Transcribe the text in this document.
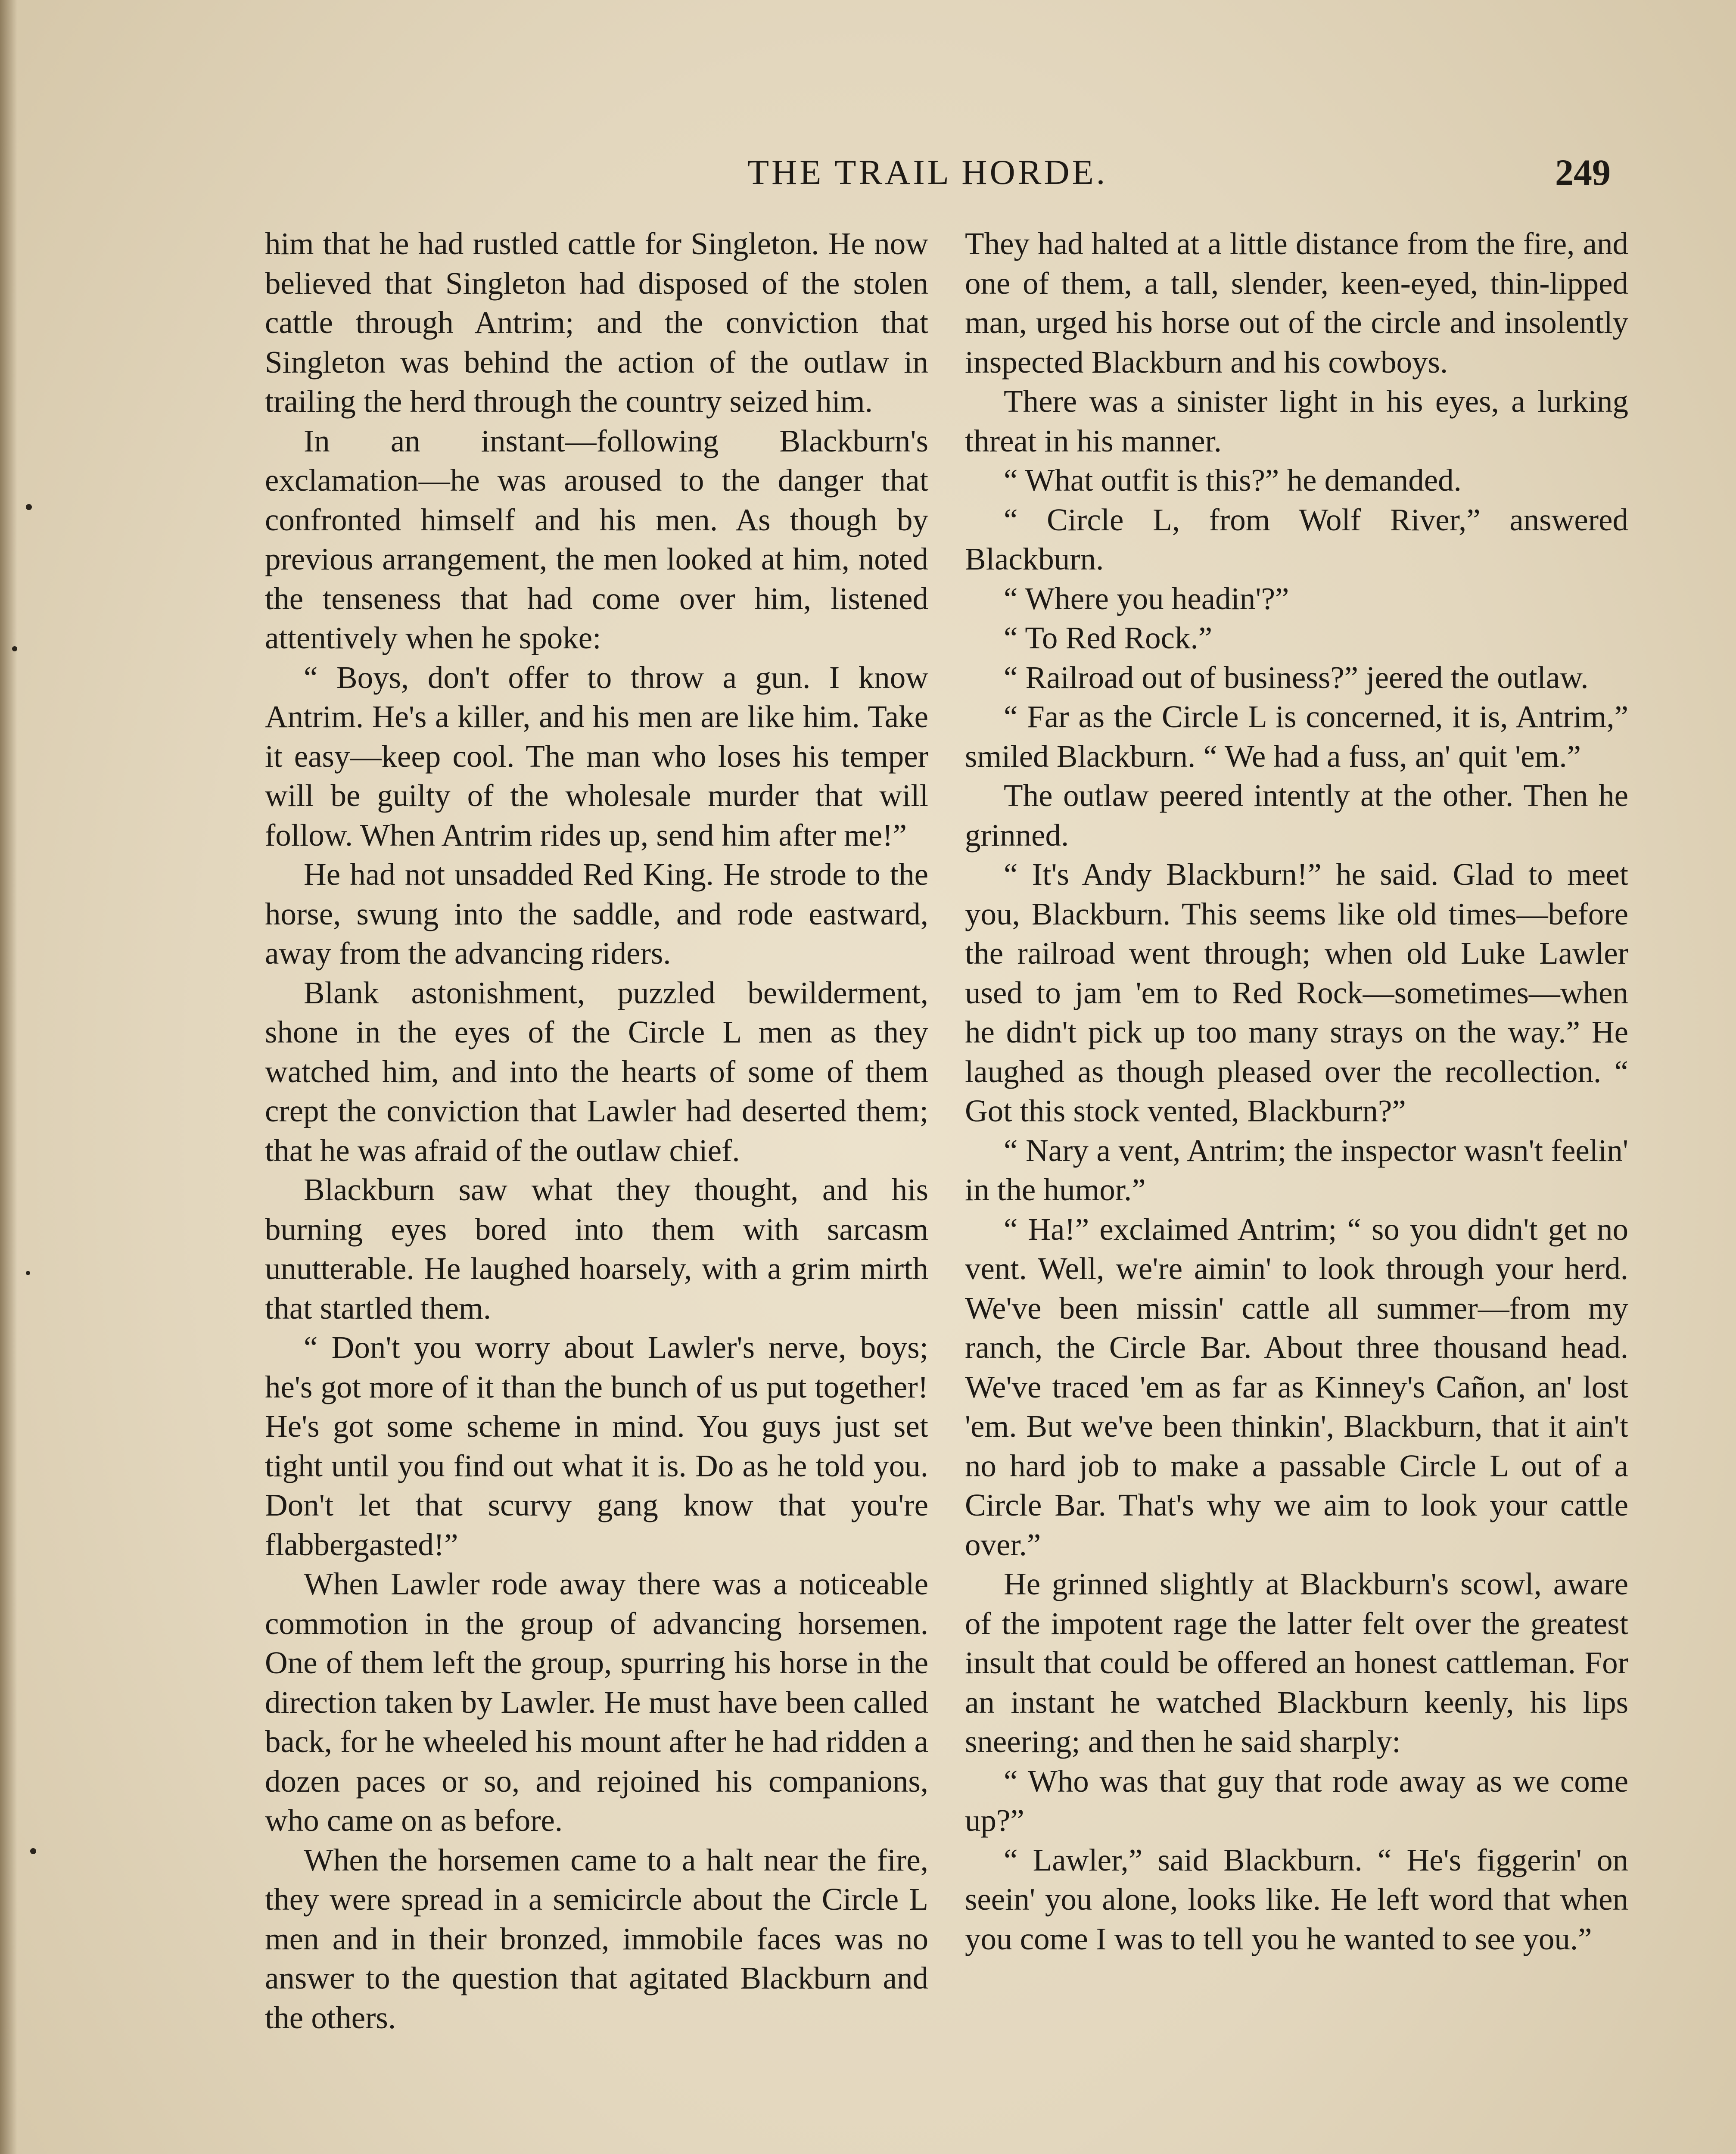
THE TRAIL HORDE.	249

him that he had rustled cattle for Singleton. He now believed that Singleton had disposed of the stolen cattle through Antrim; and the conviction that Singleton was behind the action of the outlaw in trailing the herd through the country seized him.

In an instant—following Blackburn's exclamation—he was aroused to the danger that confronted himself and his men. As though by previous arrangement, the men looked at him, noted the tenseness that had come over him, listened attentively when he spoke:

“ Boys, don't offer to throw a gun. I know Antrim. He's a killer, and his men are like him. Take it easy—keep cool. The man who loses his temper will be guilty of the wholesale murder that will follow. When Antrim rides up, send him after me!”

He had not unsadded Red King. He strode to the horse, swung into the saddle, and rode eastward, away from the advancing riders.

Blank astonishment, puzzled bewilderment, shone in the eyes of the Circle L men as they watched him, and into the hearts of some of them crept the conviction that Lawler had deserted them; that he was afraid of the outlaw chief.

Blackburn saw what they thought, and his burning eyes bored into them with sarcasm unutterable. He laughed hoarsely, with a grim mirth that startled them.

“ Don't you worry about Lawler's nerve, boys; he's got more of it than the bunch of us put together! He's got some scheme in mind. You guys just set tight until you find out what it is. Do as he told you. Don't let that scurvy gang know that you're flabbergasted!”

When Lawler rode away there was a noticeable commotion in the group of advancing horsemen. One of them left the group, spurring his horse in the direction taken by Lawler. He must have been called back, for he wheeled his mount after he had ridden a dozen paces or so, and rejoined his companions, who came on as before.

When the horsemen came to a halt near the fire, they were spread in a semicircle about the Circle L men and in their bronzed, immobile faces was no answer to the question that agitated Blackburn and the others.

They had halted at a little distance from the fire, and one of them, a tall, slender, keen-eyed, thin-lipped man, urged his horse out of the circle and insolently inspected Blackburn and his cowboys.

There was a sinister light in his eyes, a lurking threat in his manner.

“ What outfit is this?” he demanded.

“ Circle L, from Wolf River,” answered Blackburn.

“ Where you headin'?”

“ To Red Rock.”

“ Railroad out of business?” jeered the outlaw.

“ Far as the Circle L is concerned, it is, Antrim,” smiled Blackburn. “ We had a fuss, an' quit 'em.”

The outlaw peered intently at the other. Then he grinned.

“ It's Andy Blackburn!” he said. Glad to meet you, Blackburn. This seems like old times—before the railroad went through; when old Luke Lawler used to jam 'em to Red Rock—sometimes—when he didn't pick up too many strays on the way.” He laughed as though pleased over the recollection. “ Got this stock vented, Blackburn?”

“ Nary a vent, Antrim; the inspector wasn't feelin' in the humor.”

“ Ha!” exclaimed Antrim; “ so you didn't get no vent. Well, we're aimin' to look through your herd. We've been missin' cattle all summer—from my ranch, the Circle Bar. About three thousand head. We've traced 'em as far as Kinney's Cañon, an' lost 'em. But we've been thinkin', Blackburn, that it ain't no hard job to make a passable Circle L out of a Circle Bar. That's why we aim to look your cattle over.”

He grinned slightly at Blackburn's scowl, aware of the impotent rage the latter felt over the greatest insult that could be offered an honest cattleman. For an instant he watched Blackburn keenly, his lips sneering; and then he said sharply:

“ Who was that guy that rode away as we come up?”

“ Lawler,” said Blackburn. “ He's figgerin' on seein' you alone, looks like. He left word that when you come I was to tell you he wanted to see you.”
